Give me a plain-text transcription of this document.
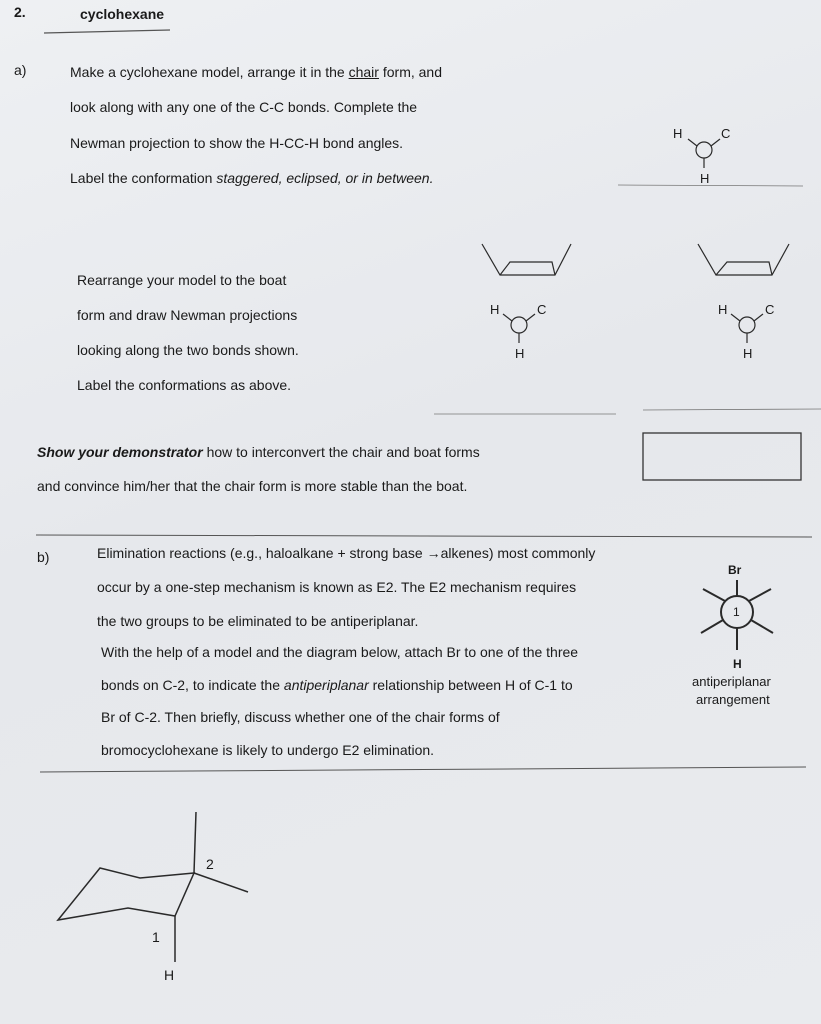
2.	cyclohexane
a)	Make a cyclohexane model, arrange it in the chair form, and
look along with any one of the C-C bonds. Complete the
Newman projection to show the H-CC-H bond angles.
Label the conformation staggered, eclipsed, or in between.
Rearrange your model to the boat
form and draw Newman projections
looking along the two bonds shown.
Label the conformations as above.
Show your demonstrator how to interconvert the chair and boat forms
and convince him/her that the chair form is more stable than the boat.
b)	Elimination reactions (e.g., haloalkane + strong base →alkenes) most commonly
occur by a one-step mechanism is known as E2. The E2 mechanism requires
the two groups to be eliminated to be antiperiplanar.
With the help of a model and the diagram below, attach Br to one of the three
bonds on C-2, to indicate the antiperiplanar relationship between H of C-1 to
Br of C-2. Then briefly, discuss whether one of the chair forms of
bromocyclohexane is likely to undergo E2 elimination.
H	C
H
H	C
H
H	C
H
Br
1
H
antiperiplanar
arrangement
2
1
H
